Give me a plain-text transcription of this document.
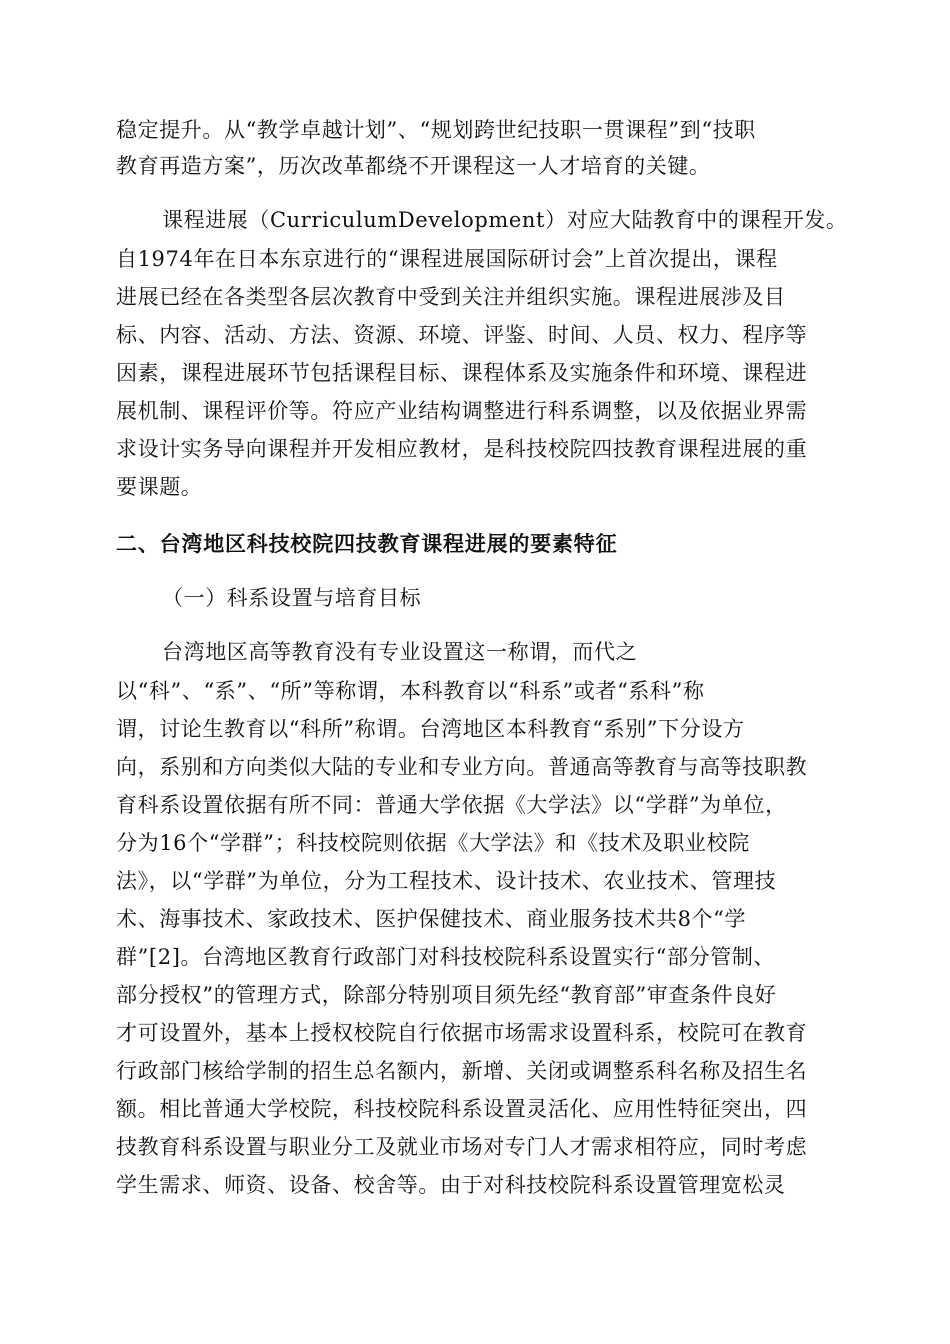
稳定提升。从“教学卓越计划”、“规划跨世纪技职一贯课程”到“技职
教育再造方案”，历次改革都绕不开课程这一人才培育的关键。
课程进展（CurriculumDevelopment）对应大陆教育中的课程开发。
自1974年在日本东京进行的“课程进展国际研讨会”上首次提出，课程
进展已经在各类型各层次教育中受到关注并组织实施。课程进展涉及目
标、内容、活动、方法、资源、环境、评鉴、时间、人员、权力、程序等
因素，课程进展环节包括课程目标、课程体系及实施条件和环境、课程进
展机制、课程评价等。符应产业结构调整进行科系调整，以及依据业界需
求设计实务导向课程并开发相应教材，是科技校院四技教育课程进展的重
要课题。
二、台湾地区科技校院四技教育课程进展的要素特征
（一）科系设置与培育目标
台湾地区高等教育没有专业设置这一称谓，而代之
以“科”、“系”、“所”等称谓，本科教育以“科系”或者“系科”称
谓，讨论生教育以“科所”称谓。台湾地区本科教育“系别”下分设方
向，系别和方向类似大陆的专业和专业方向。普通高等教育与高等技职教
育科系设置依据有所不同：普通大学依据《大学法》以“学群”为单位，
分为16个“学群”；科技校院则依据《大学法》和《技术及职业校院
法》，以“学群”为单位，分为工程技术、设计技术、农业技术、管理技
术、海事技术、家政技术、医护保健技术、商业服务技术共8个“学
群”[2]。台湾地区教育行政部门对科技校院科系设置实行“部分管制、
部分授权”的管理方式，除部分特别项目须先经“教育部”审查条件良好
才可设置外，基本上授权校院自行依据市场需求设置科系，校院可在教育
行政部门核给学制的招生总名额内，新增、关闭或调整系科名称及招生名
额。相比普通大学校院，科技校院科系设置灵活化、应用性特征突出，四
技教育科系设置与职业分工及就业市场对专门人才需求相符应，同时考虑
学生需求、师资、设备、校舍等。由于对科技校院科系设置管理宽松灵
